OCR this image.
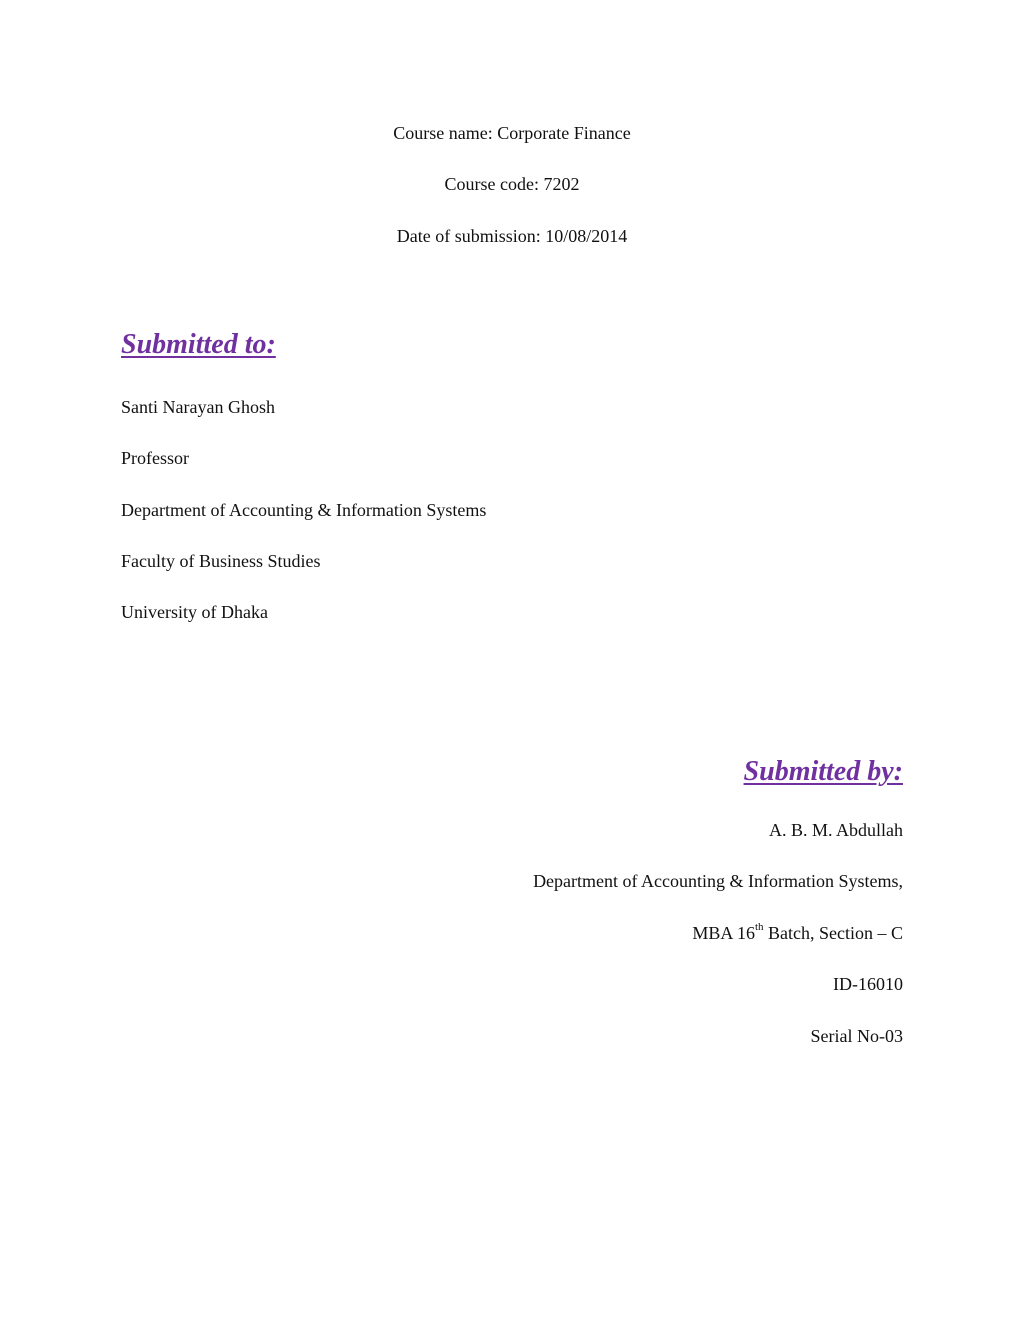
Course name: Corporate Finance
Course code: 7202
Date of submission: 10/08/2014
Submitted to:
Santi Narayan Ghosh
Professor
Department of Accounting & Information Systems
Faculty of Business Studies
University of Dhaka
Submitted by:
A. B. M. Abdullah
Department of Accounting & Information Systems,
MBA 16th Batch, Section – C
ID-16010
Serial No-03
